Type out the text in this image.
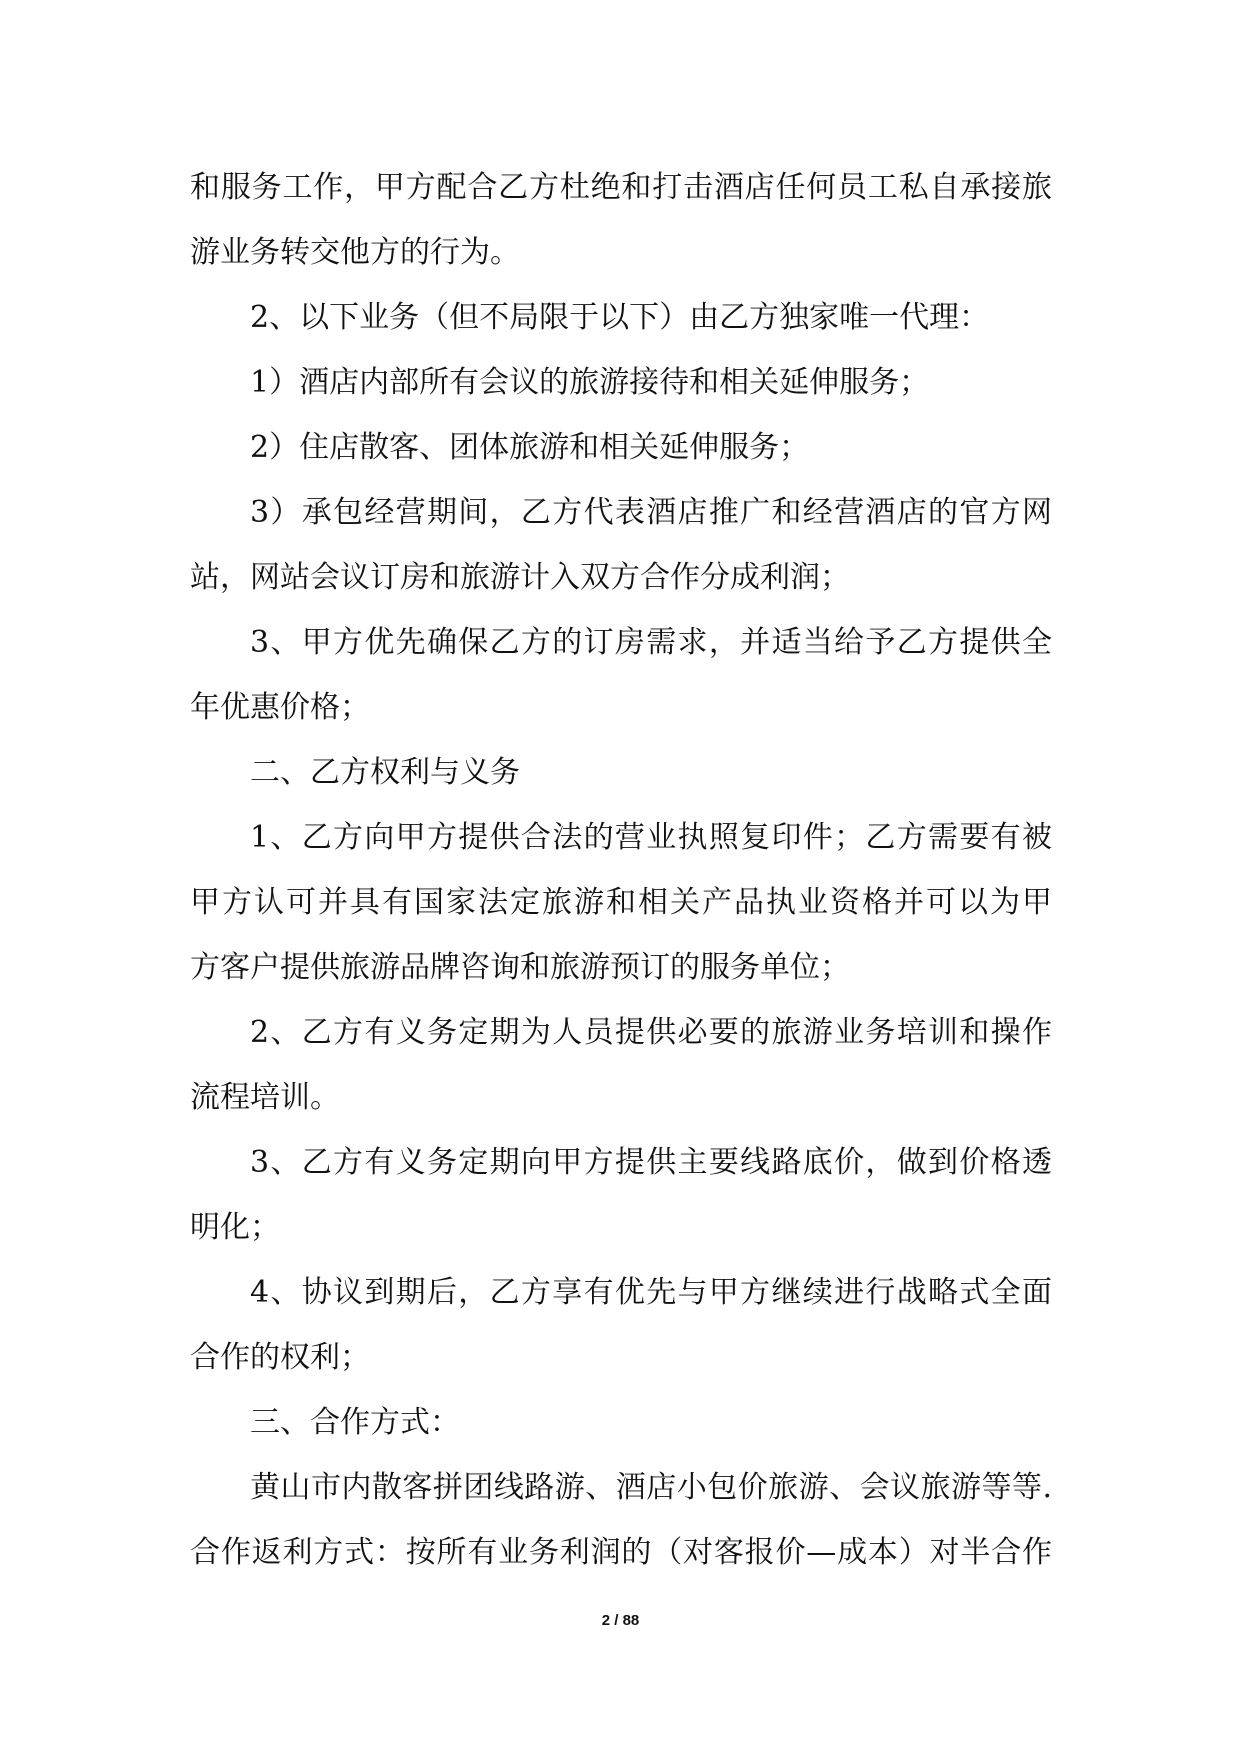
和服务工作，甲方配合乙方杜绝和打击酒店任何员工私自承接旅
游业务转交他方的行为。
2、以下业务（但不局限于以下）由乙方独家唯一代理：
1）酒店内部所有会议的旅游接待和相关延伸服务；
2）住店散客、团体旅游和相关延伸服务；
3）承包经营期间，乙方代表酒店推广和经营酒店的官方网
站，网站会议订房和旅游计入双方合作分成利润；
3、甲方优先确保乙方的订房需求，并适当给予乙方提供全
年优惠价格；
二、乙方权利与义务
1、乙方向甲方提供合法的营业执照复印件；乙方需要有被
甲方认可并具有国家法定旅游和相关产品执业资格并可以为甲
方客户提供旅游品牌咨询和旅游预订的服务单位；
2、乙方有义务定期为人员提供必要的旅游业务培训和操作
流程培训。
3、乙方有义务定期向甲方提供主要线路底价，做到价格透
明化；
4、协议到期后，乙方享有优先与甲方继续进行战略式全面
合作的权利；
三、合作方式：
黄山市内散客拼团线路游、酒店小包价旅游、会议旅游等等.
合作返利方式：按所有业务利润的（对客报价—成本）对半合作
2 / 88
